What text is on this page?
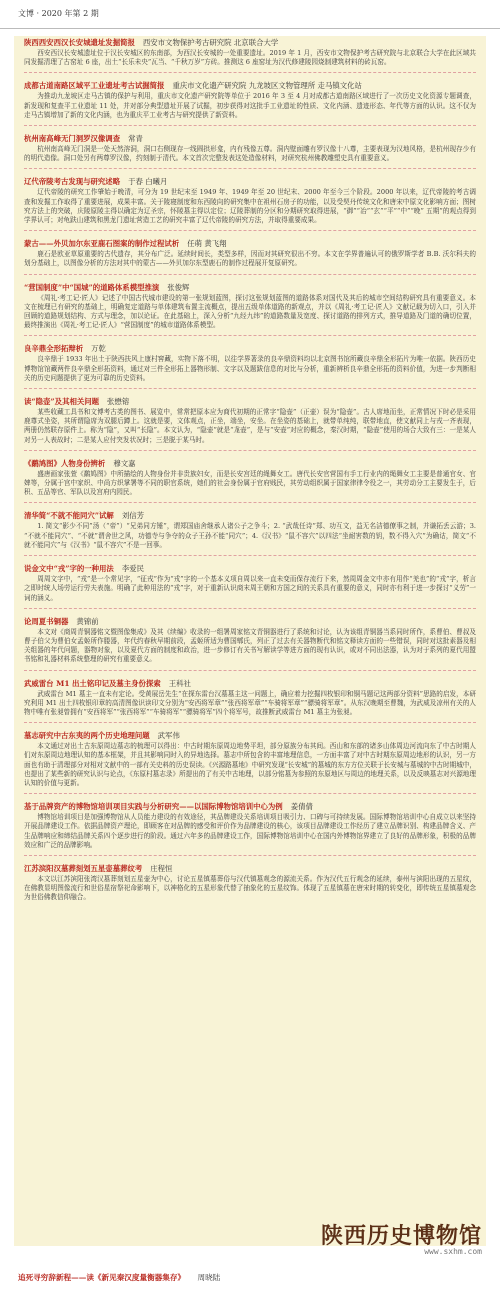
文博 · 2020 年第 2 期
陕西西安西汉长安城遗址发掘简报 西安市文物保护考古研究院 北京联合大学
西安西汉长安城遗址位于汉长安城区的东南部，为西汉长安城的一处重要遗址。2019 年 1 月，西安市文物保护考古研究院与北京联合大学在此区域共同发掘清理了古窑址 6 座，出土“长乐未央”瓦当、“千秋万岁”方砖。推测这 6 座窑址为汉代修建陵园烧制建筑材料的砖瓦窑。
成都古道南路区域平工业遗址考古试掘简报 重庆市文化遗产研究院 九龙坡区文物管理所 走马镇文化站
为推动九龙坡区走马古镇的保护与利用，重庆市文化遗产研究院等单位于 2016 年 3 至 4 月对成都古道南路区域进行了一次历史文化资源专题调查，新发现和复查平工业遗址 11 处，并对部分典型遗址开展了试掘，初步获得对这批手工业遗址的性质、文化内涵、遗迹形态、年代等方面的认识。这不仅为走马古镇增加了新的文化内涵，也为重庆平工业考古与研究提供了新资料。
杭州南高峰无门洞罗汉像调查 常青
杭州南高峰无门洞是一处天然溶洞，洞口右侧现存一线圆拱形龛，内有残像五尊。洞内壁面雕有罗汉像十八尊，主要表现为汉地风格，是杭州现存少有的明代造像。洞口处另有两尊罗汉像，约刻制于清代。本文首次完整发表这处造像材料，对研究杭州佛教雕塑史具有重要意义。
辽代帝陵考古发现与研究述略 于春 白曦月
辽代帝陵的研究工作肇始于晚清，可分为 19 世纪末至 1949 年、1949 年至 20 世纪末、2000 年至今三个阶段。2000 年以来，辽代帝陵的考古调查和发掘工作取得了重要进展，成果丰富。关于陵寝制度和东西陵向的研究集中在祖州石房子的功能，以及受契丹传统文化和唐宋中原文化影响方面；图树究方法上的突破，庆陵原陵主得以确定为辽圣宗，怀陵墓主得以定位；辽陵葬制的分区和分期研究取得进展，“御”“冶”“玄”“平”“中”“晚” 五期”的观点得到学界认可；对龟趺山建筑和黑龙门遗址营造工艺的研究丰富了辽代帝陵的研究方法，并取得重要成果。
蒙古——外贝加尔东亚鹿石图案的制作过程试析 任萌 黄飞翔
鹿石是欧亚草原重要的古代遗存，其分布广泛。延续时间长，类型多样，因而对其研究很出不穷。本文在学界普遍认可的俄罗斯学者 B.B. 沃尔科夫的划分基础上，以图像分析的方法对其中的蒙古——外贝加尔东型鹿石的制作过程展开复原研究。
“营国制度”中“国城”的道路体系模型推演 张俊辉
《周礼·考工记·匠人》记述了中国古代城市建设的第一张规划蓝图，探讨这张规划蓝图的道路体系对国代及其后的城市空间结构研究具有重要意义。本文在梳理已有研究的基础上，明确复定道路与单体建筑布置主流概点，提出五级单体道路的新观点，并以《周礼·考工记·匠人》文献记载为切入口，引入并回顾的道路规划结构、方式与理念，加以论证。在此基础上，深入分析“九经九纬”的道路数量及宽度、探讨道路的排列方式，推导道路及门道的确切位置，最终推演出《周礼·考工记·匠人》“营国制度”的城市道路体系模型。
良辛鼎全形拓辩析 万乾
良辛鼎于 1933 年出土于陕西扶风上康村窖藏，实物下落不明，以往学界著录的良辛鼎资料均以北京图书馆所藏良辛鼎全形拓片为唯一依据。陕西历史博物馆馆藏两件良辛鼎全形拓资料，通过对三件全形拓上器物形制、文字以及题跋信息的对比与分析，重新辨析良辛鼎全形拓的资料价值，为进一步判断相关的历史问题提供了更为可靠的历史资料。
读“隐壶”及其相关问题 张懋镕
某些收藏工具书和文博考古类的图书、展览中，常常把原本应为商代初期的正常字“隐壶”（正壶）误为“隐壶”。古人席地而坐，正常情况下时必是采用鹿尊式坐姿，其所谓隐席为双腿后蹲上。这就是要，文体观点，正坐，端坐，安坐。在坐姿的基础上，就带单纯纯，联带地直，使文献同上与戎一齐表现，两册仍然联存原件上。称为“隐”，又叫“长隐”。本文认为，“隐壶”就是“尨壶”，是与“安壶”对应的概念，秦汉时期，“隐壶”使用的场合大致有三：一是某人对另一人表故时；二是某人应付突发状况时；三是脱于某马时。
《鹬鸠图》人物身份辨析 穆文嘉
盛唐画家张萱《鹬鸠图》中所描绘的人物身份并非贵族妇女，而是长安宫廷的绳舞女工。唐代长安官营国有手工行业内的绳舞女工主要是普通官女、官婢等，分属于宫中家织、中尚方织掌署等不同的职官系统，她们的社会身份属于官府贱民，其劳动组织属于国家律律令役之一，其劳动分工主要发生于，后积、五品等官、军队以及宫府内园民。
清华简“不就不能同穴”试解 刘信芳
1. 简文“影少不同”汤（“帝”）“兄弟同方锤”，谓郑国庙舍继承人诸公子之争斗；2. “武哉任诗”郑、功互文，益无名洁德僚事之制，并谦拓丢云游；3. “不就不能同穴”、“不就”谓舍世之风，功德寺与争夺的众子王孙不能“同穴”；4.《汉书》“鼠不容穴”以四法“坐耐害数的钥，数不得入穴”为确诂，简文“不就不能同穴”与《汉书》“鼠不容穴”不是一回事。
说金文中“戎”字的一种用法 李爱民
周周文字中，“戎”是一个常见字，“征戎”作为“戎”字的一个基本义项自周以来一直未变而保存流行下来，然周周金文中亦有用作“羌也”的“戎”字，析言之即时统人场劳运行劳夫表施。明确了此种用法的“戎”字，对于重新认识商末周王朝和方国之间的关系具有重要的意义，同时亦有利于进一步探讨“义劳”一词的涵义。
论周夏书铜器 黄锦前
本文对《商周青铜器铭文暨图像集成》及其《续编》收录的一组署周家铭文青铜器进行了系统和讨论，认为该组青铜器当系同时所作，系曹伯、曹叔及曹子伯父为曹伯女孟姬所作媵器，年代约春秋早期前段，孟姬所适为曹国郫氏，列正了过去有关器物断代和铭文释读方面的一些错误，同时对这批素器及相关组器的年代问题，器物对象，以及夏代方面的制度和政治，进一步修订有关书写解读学等进方面的现有认识，或对不同出法器，认为对于系列的夏代用盟书铭和礼器材料系统整理的研究有重要意义。
武威雷台 M1 出土铭印记及墓主身份探索 王科社
武威雷台 M1 墓主一直未有定论。受黄展岳先生“在探东雷台汉墓墓主这一问题上，确应着力挖掘四枚银印和铜马题记这两部分资料”思路的启发，本研究利用 M1 出土四枚银印章的高清图像识读印文分别为“安西将军章”“张西将军章”“车骑将军章”“骠骑将军章”。从东汉晚期至曹魏，为武威及凉州有关的人物中唯有张昶曾拥有“安西将军”“张西将军”“车骑将军”“骠骑将军”四个将军号，故推断武威雷台 M1 墓主为张昶。
墓志研究中古东夷的两个历史地理问题 武军伟
本文通过对出土古东原周边墓志的梳理可以得出：中古时期东原周边地势平坦，部分原族分布其间。西山和东部的诸多山体周边河流向东了中古时期人们对东原周边地理认知的基本框架，并且其影响同时入的异地选择。墓志中所包含的丰富地理信息，一方面丰富了对中古时期东原周边地形的认识，另一方面也有助于清理部分对相对文献中的一部有关史料的历史误读。《兴源路墓地》中研究发现“长安城”的墓城的东方方位关联于长安城与墓城的中古时期城中，也提出了某些新的研究认识与论点，《东原村墓志录》所提出的了有关中古地理，以部分铭墓为参照的东原地区与周边的地理关系，以及反映墓志对兴源地理认知的价值与更新。
基于品牌资产的博物馆培训项目实践与分析研究——以国际博物馆培训中心为例 姜倩倩
博物馆培训项目是加强博物馆从人员能力建设的有效途径，其品牌建设关系培训项目吸引力、口碑与可持续发展。国际博物馆培训中心自成立以来坚持开展品牌建设工作。依据品牌资产理论，即顾客在对品牌的感受和评价作为品牌建设的核心，该项目品牌建设工作经历了建立品牌识别、构建品牌含义、产生品牌响应和缔结品牌关系四个逐步进行的阶段。通过六年多的品牌建设工作，国际博物馆培训中心在国内外博物馆界建立了良好的品牌形象，积极的品牌效应和广泛的品牌影响。
江苏滨阳汉墓葬刻划五星壶墓葬纹考 庄程恒
本文以江苏滨阳张湾汉墓葬刻划五星壶为中心，讨论五星镇墓葬俗与汉代镇墓观念的源流关系。作为汉代五行观念的延续，泰州与滨阳出现的五星纹，在佛教显明图像流行和世俗星宿祭祀命影响下，以神格化的五星形象代替了抽象化的五星纹饰。体现了五星镇墓在唐宋时期的转变化，即传统五星镇墓观念为世俗佛教信仰融合。
陕西历史博物馆
www.sxhm.com
追死寻穷辞新程——读《新见秦汉度量衡器集存》 周晓陆
